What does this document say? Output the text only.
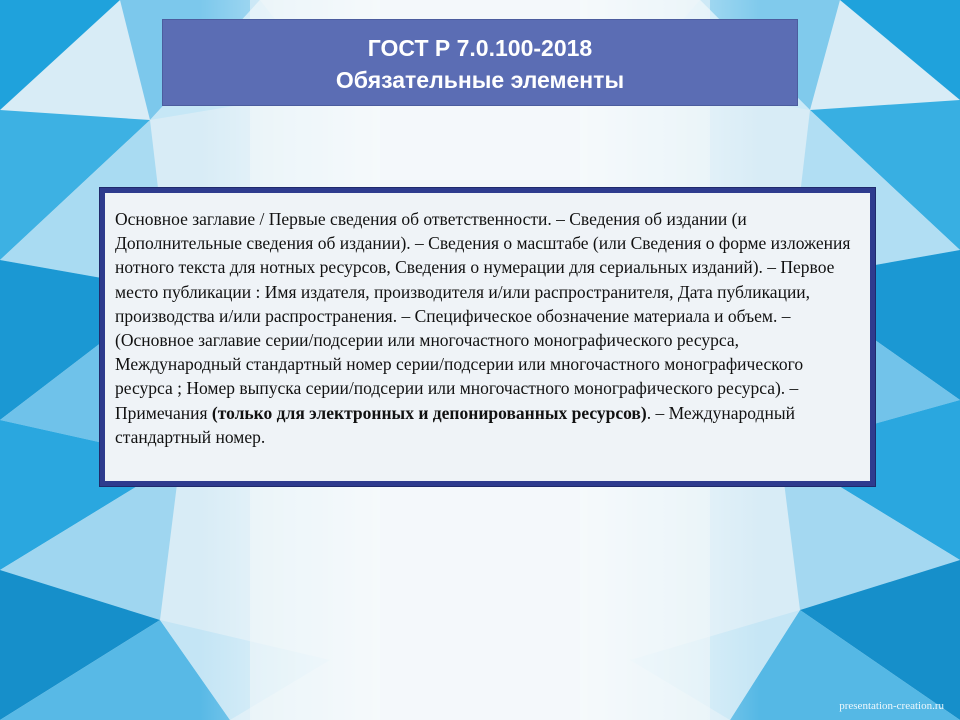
ГОСТ Р 7.0.100-2018
Обязательные элементы

Основное заглавие / Первые сведения об ответственности. – Сведения об издании (и Дополнительные сведения об издании). – Сведения о масштабе (или Сведения о форме изложения нотного текста для нотных ресурсов, Сведения о нумерации для сериальных изданий). – Первое место публикации : Имя издателя, производителя и/или распространителя, Дата публикации, производства и/или распространения. – Специфическое обозначение материала и объем. – (Основное заглавие серии/подсерии или многочастного монографического ресурса, Международный стандартный номер серии/подсерии или многочастного монографического ресурса ; Номер выпуска серии/подсерии или многочастного монографического ресурса). – Примечания (только для электронных и депонированных ресурсов). – Международный стандартный номер.

presentation-creation.ru
